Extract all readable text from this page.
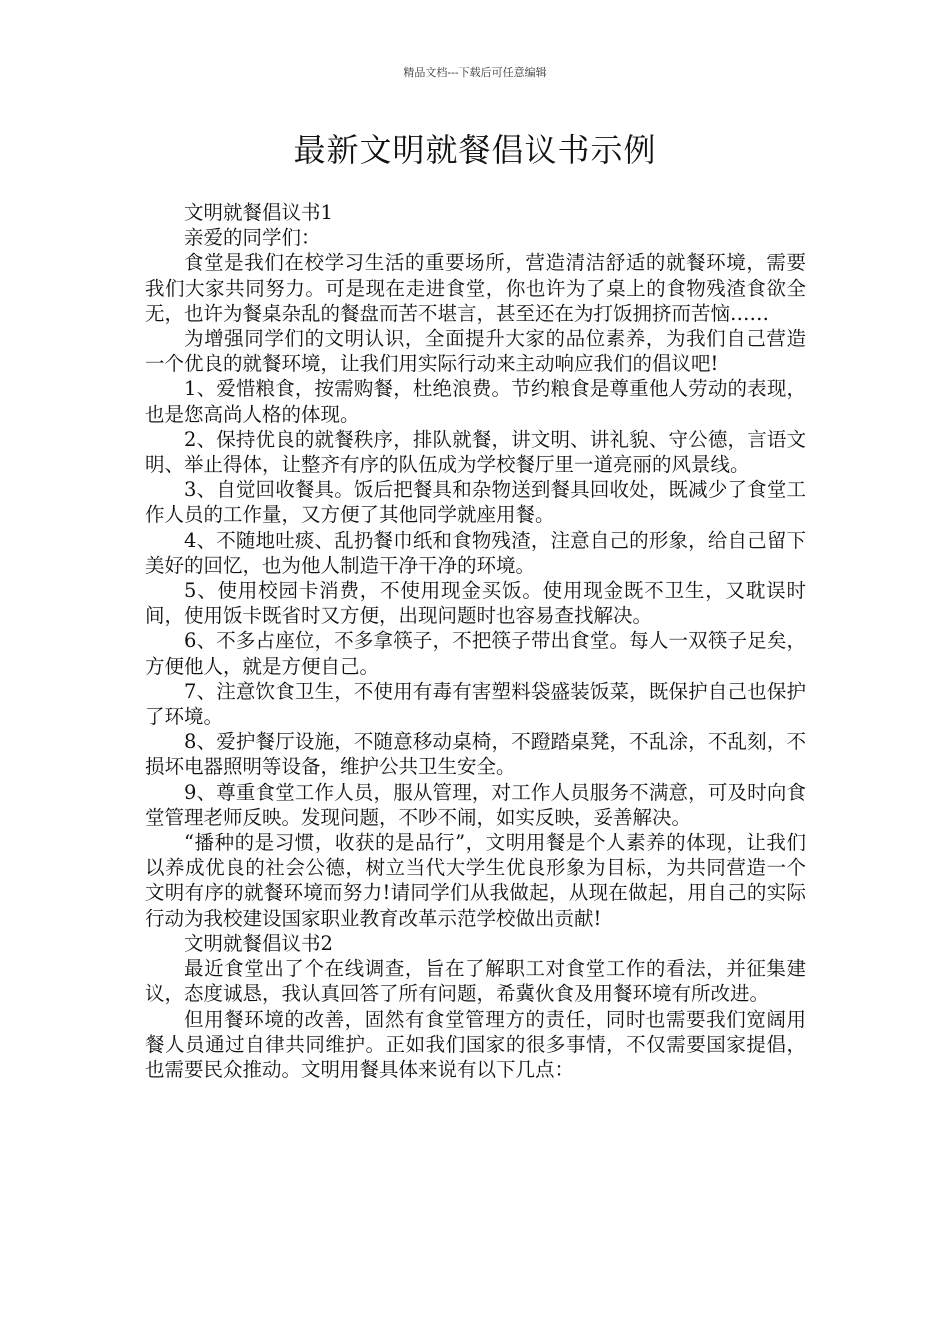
精品文档---下载后可任意编辑
最新文明就餐倡议书示例

文明就餐倡议书1

亲爱的同学们：

食堂是我们在校学习生活的重要场所，营造清洁舒适的就餐环境，需要我们大家共同努力。可是现在走进食堂，你也许为了桌上的食物残渣食欲全无，也许为餐桌杂乱的餐盘而苦不堪言，甚至还在为打饭拥挤而苦恼……

为增强同学们的文明认识，全面提升大家的品位素养，为我们自己营造一个优良的就餐环境，让我们用实际行动来主动响应我们的倡议吧!

1、爱惜粮食，按需购餐，杜绝浪费。节约粮食是尊重他人劳动的表现，也是您高尚人格的体现。

2、保持优良的就餐秩序，排队就餐，讲文明、讲礼貌、守公德，言语文明、举止得体，让整齐有序的队伍成为学校餐厅里一道亮丽的风景线。

3、自觉回收餐具。饭后把餐具和杂物送到餐具回收处，既减少了食堂工作人员的工作量，又方便了其他同学就座用餐。

4、不随地吐痰、乱扔餐巾纸和食物残渣，注意自己的形象，给自己留下美好的回忆，也为他人制造干净干净的环境。

5、使用校园卡消费，不使用现金买饭。使用现金既不卫生，又耽误时间，使用饭卡既省时又方便，出现问题时也容易查找解决。

6、不多占座位，不多拿筷子，不把筷子带出食堂。每人一双筷子足矣，方便他人，就是方便自己。

7、注意饮食卫生，不使用有毒有害塑料袋盛装饭菜，既保护自己也保护了环境。

8、爱护餐厅设施，不随意移动桌椅，不蹬踏桌凳，不乱涂，不乱刻，不损坏电器照明等设备，维护公共卫生安全。

9、尊重食堂工作人员，服从管理，对工作人员服务不满意，可及时向食堂管理老师反映。发现问题，不吵不闹，如实反映，妥善解决。

“播种的是习惯，收获的是品行”，文明用餐是个人素养的体现，让我们以养成优良的社会公德，树立当代大学生优良形象为目标，为共同营造一个文明有序的就餐环境而努力!请同学们从我做起，从现在做起，用自己的实际行动为我校建设国家职业教育改革示范学校做出贡献!

文明就餐倡议书2

最近食堂出了个在线调查，旨在了解职工对食堂工作的看法，并征集建议，态度诚恳，我认真回答了所有问题，希冀伙食及用餐环境有所改进。

但用餐环境的改善，固然有食堂管理方的责任，同时也需要我们宽阔用餐人员通过自律共同维护。正如我们国家的很多事情，不仅需要国家提倡，也需要民众推动。文明用餐具体来说有以下几点：
